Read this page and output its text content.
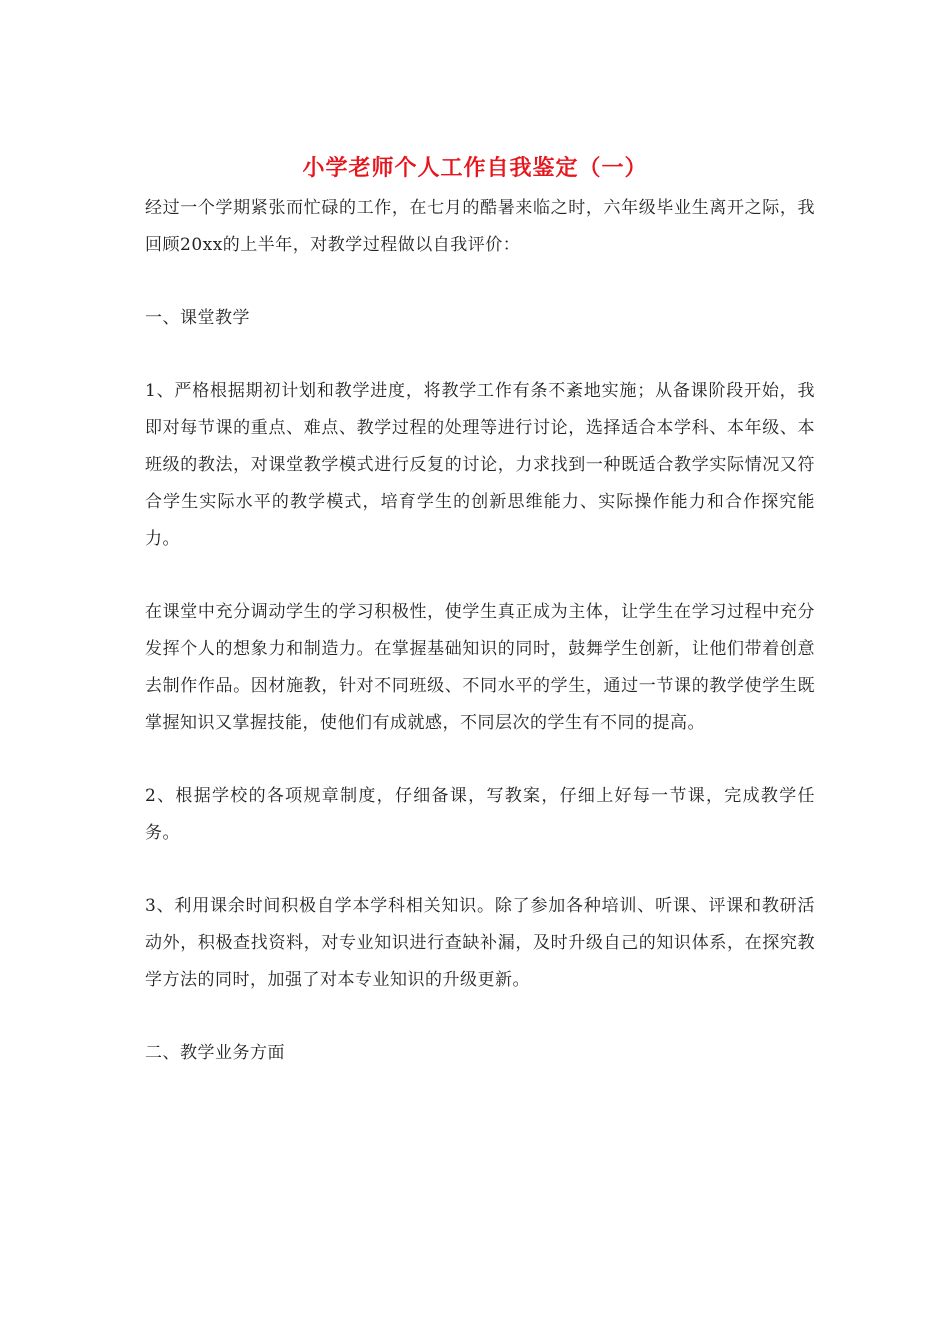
小学老师个人工作自我鉴定（一）

经过一个学期紧张而忙碌的工作，在七月的酷暑来临之时，六年级毕业生离开之际，我回顾20xx的上半年，对教学过程做以自我评价：

一、课堂教学

1、严格根据期初计划和教学进度，将教学工作有条不紊地实施；从备课阶段开始，我即对每节课的重点、难点、教学过程的处理等进行讨论，选择适合本学科、本年级、本班级的教法，对课堂教学模式进行反复的讨论，力求找到一种既适合教学实际情况又符合学生实际水平的教学模式，培育学生的创新思维能力、实际操作能力和合作探究能力。

在课堂中充分调动学生的学习积极性，使学生真正成为主体，让学生在学习过程中充分发挥个人的想象力和制造力。在掌握基础知识的同时，鼓舞学生创新，让他们带着创意去制作作品。因材施教，针对不同班级、不同水平的学生，通过一节课的教学使学生既掌握知识又掌握技能，使他们有成就感，不同层次的学生有不同的提高。

2、根据学校的各项规章制度，仔细备课，写教案，仔细上好每一节课，完成教学任务。

3、利用课余时间积极自学本学科相关知识。除了参加各种培训、听课、评课和教研活动外，积极查找资料，对专业知识进行查缺补漏，及时升级自己的知识体系，在探究教学方法的同时，加强了对本专业知识的升级更新。

二、教学业务方面
